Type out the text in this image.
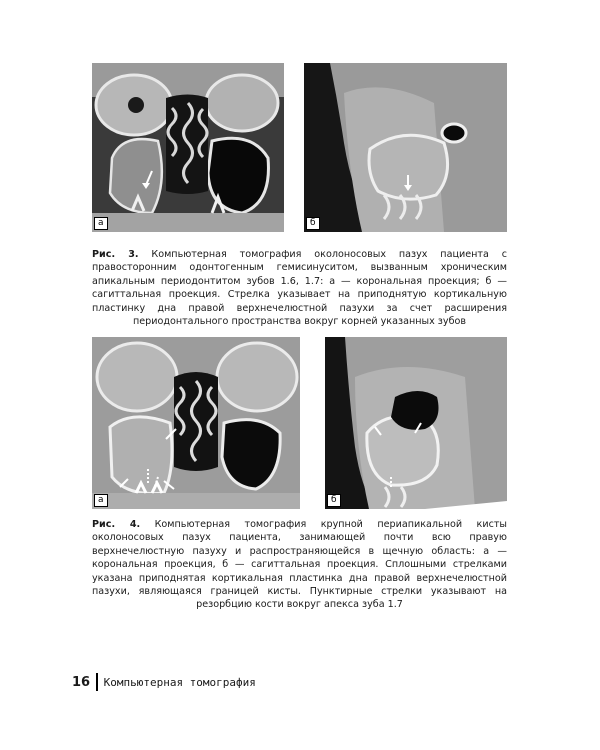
а	б
Рис. 3. Компьютерная томография околоносовых пазух пациента с правосторонним одонтогенным гемисинуситом, вызванным хроническим апикальным периодонтитом зубов 1.6, 1.7: а — корональная проекция; б — сагиттальная проекция. Стрелка указывает на приподнятую кортикальную пластинку дна правой верхнечелюстной пазухи за счет расширения периодонтального пространства вокруг корней указанных зубов
а	б
Рис. 4. Компьютерная томография крупной периапикальной кисты околоносовых пазух пациента, занимающей почти всю правую верхнечелюстную пазуху и распространяющейся в щечную область: а — корональная проекция, б — сагиттальная проекция. Сплошными стрелками указана приподнятая кортикальная пластинка дна правой верхнечелюстной пазухи, являющаяся границей кисты. Пунктирные стрелки указывают на резорбцию кости вокруг апекса зуба 1.7
16	Компьютерная томография
